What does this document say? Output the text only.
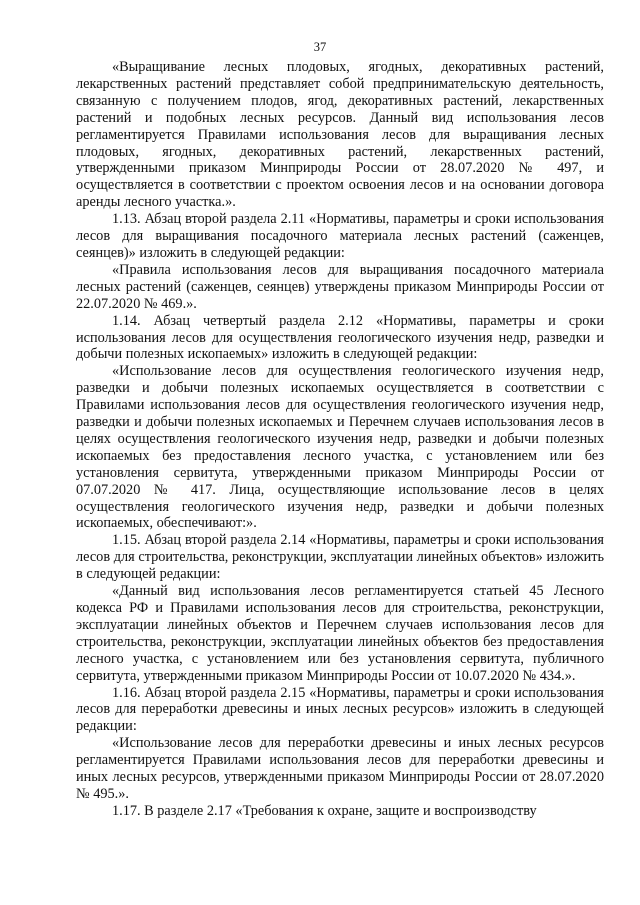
37

«Выращивание лесных плодовых, ягодных, декоративных растений, лекарственных растений представляет собой предпринимательскую деятельность, связанную с получением плодов, ягод, декоративных растений, лекарственных растений и подобных лесных ресурсов. Данный вид использования лесов регламентируется Правилами использования лесов для выращивания лесных плодовых, ягодных, декоративных растений, лекарственных растений, утвержденными приказом Минприроды России от 28.07.2020 № 497, и осуществляется в соответствии с проектом освоения лесов и на основании договора аренды лесного участка.».

1.13. Абзац второй раздела 2.11 «Нормативы, параметры и сроки использования лесов для выращивания посадочного материала лесных растений (саженцев, сеянцев)» изложить в следующей редакции:

«Правила использования лесов для выращивания посадочного материала лесных растений (саженцев, сеянцев) утверждены приказом Минприроды России от 22.07.2020 № 469.».

1.14. Абзац четвертый раздела 2.12 «Нормативы, параметры и сроки использования лесов для осуществления геологического изучения недр, разведки и добычи полезных ископаемых» изложить в следующей редакции:

«Использование лесов для осуществления геологического изучения недр, разведки и добычи полезных ископаемых осуществляется в соответствии с Правилами использования лесов для осуществления геологического изучения недр, разведки и добычи полезных ископаемых и Перечнем случаев использования лесов в целях осуществления геологического изучения недр, разведки и добычи полезных ископаемых без предоставления лесного участка, с установлением или без установления сервитута, утвержденными приказом Минприроды России от 07.07.2020 № 417. Лица, осуществляющие использование лесов в целях осуществления геологического изучения недр, разведки и добычи полезных ископаемых, обеспечивают:».

1.15. Абзац второй раздела 2.14 «Нормативы, параметры и сроки использования лесов для строительства, реконструкции, эксплуатации линейных объектов» изложить в следующей редакции:

«Данный вид использования лесов регламентируется статьей 45 Лесного кодекса РФ и Правилами использования лесов для строительства, реконструкции, эксплуатации линейных объектов и Перечнем случаев использования лесов для строительства, реконструкции, эксплуатации линейных объектов без предоставления лесного участка, с установлением или без установления сервитута, публичного сервитута, утвержденными приказом Минприроды России от 10.07.2020 № 434.».

1.16. Абзац второй раздела 2.15 «Нормативы, параметры и сроки использования лесов для переработки древесины и иных лесных ресурсов» изложить в следующей редакции:

«Использование лесов для переработки древесины и иных лесных ресурсов регламентируется Правилами использования лесов для переработки древесины и иных лесных ресурсов, утвержденными приказом Минприроды России от 28.07.2020 № 495.».

1.17. В разделе 2.17 «Требования к охране, защите и воспроизводству
